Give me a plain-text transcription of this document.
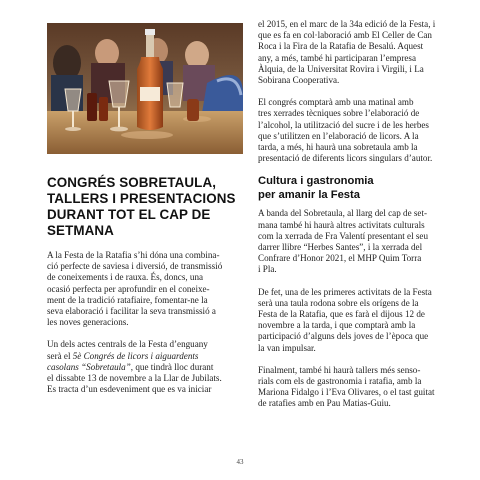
CONGRÉS SOBRETAULA,
TALLERS I PRESENTACIONS
DURANT TOT EL CAP DE
SETMANA

A la Festa de la Ratafia s’hi dóna una combina-
ció perfecte de saviesa i diversió, de transmissió
de coneixements i de rauxa. És, doncs, una
ocasió perfecta per aprofundir en el coneixe-
ment de la tradició ratafiaire, fomentar-ne la
seva elaboració i facilitar la seva transmissió a
les noves generacions.

Un dels actes centrals de la Festa d’enguany
serà el 5è Congrés de licors i aiguardents
casolans “Sobretaula”, que tindrà lloc durant
el dissabte 13 de novembre a la Llar de Jubilats.
Es tracta d’un esdeveniment que es va iniciar

el 2015, en el marc de la 34a edició de la Festa, i
que es fa en col·laboració amb El Celler de Can
Roca i la Fira de la Ratafia de Besalú. Aquest
any, a més, també hi participaran l’empresa
Àlquia, de la Universitat Rovira i Virgili, i La
Sobirana Cooperativa.

El congrés comptarà amb una matinal amb
tres xerrades tècniques sobre l’elaboració de
l’alcohol, la utilització del sucre i de les herbes
que s’utilitzen en l’elaboració de licors. A la
tarda, a més, hi haurà una sobretaula amb la
presentació de diferents licors singulars d’autor.

Cultura i gastronomia
per amanir la Festa

A banda del Sobretaula, al llarg del cap de set-
mana també hi haurà altres activitats culturals
com la xerrada de Fra Valentí presentant el seu
darrer llibre “Herbes Santes”, i la xerrada del
Confrare d’Honor 2021, el MHP Quim Torra
i Pla.

De fet, una de les primeres activitats de la Festa
serà una taula rodona sobre els orígens de la
Festa de la Ratafia, que es farà el dijous 12 de
novembre a la tarda, i que comptarà amb la
participació d’alguns dels joves de l’època que
la van impulsar.

Finalment, també hi haurà tallers més senso-
rials com els de gastronomia i ratafia, amb la
Mariona Fidalgo i l’Eva Olivares, o el tast guitat
de ratafies amb en Pau Matias-Guiu.

43
